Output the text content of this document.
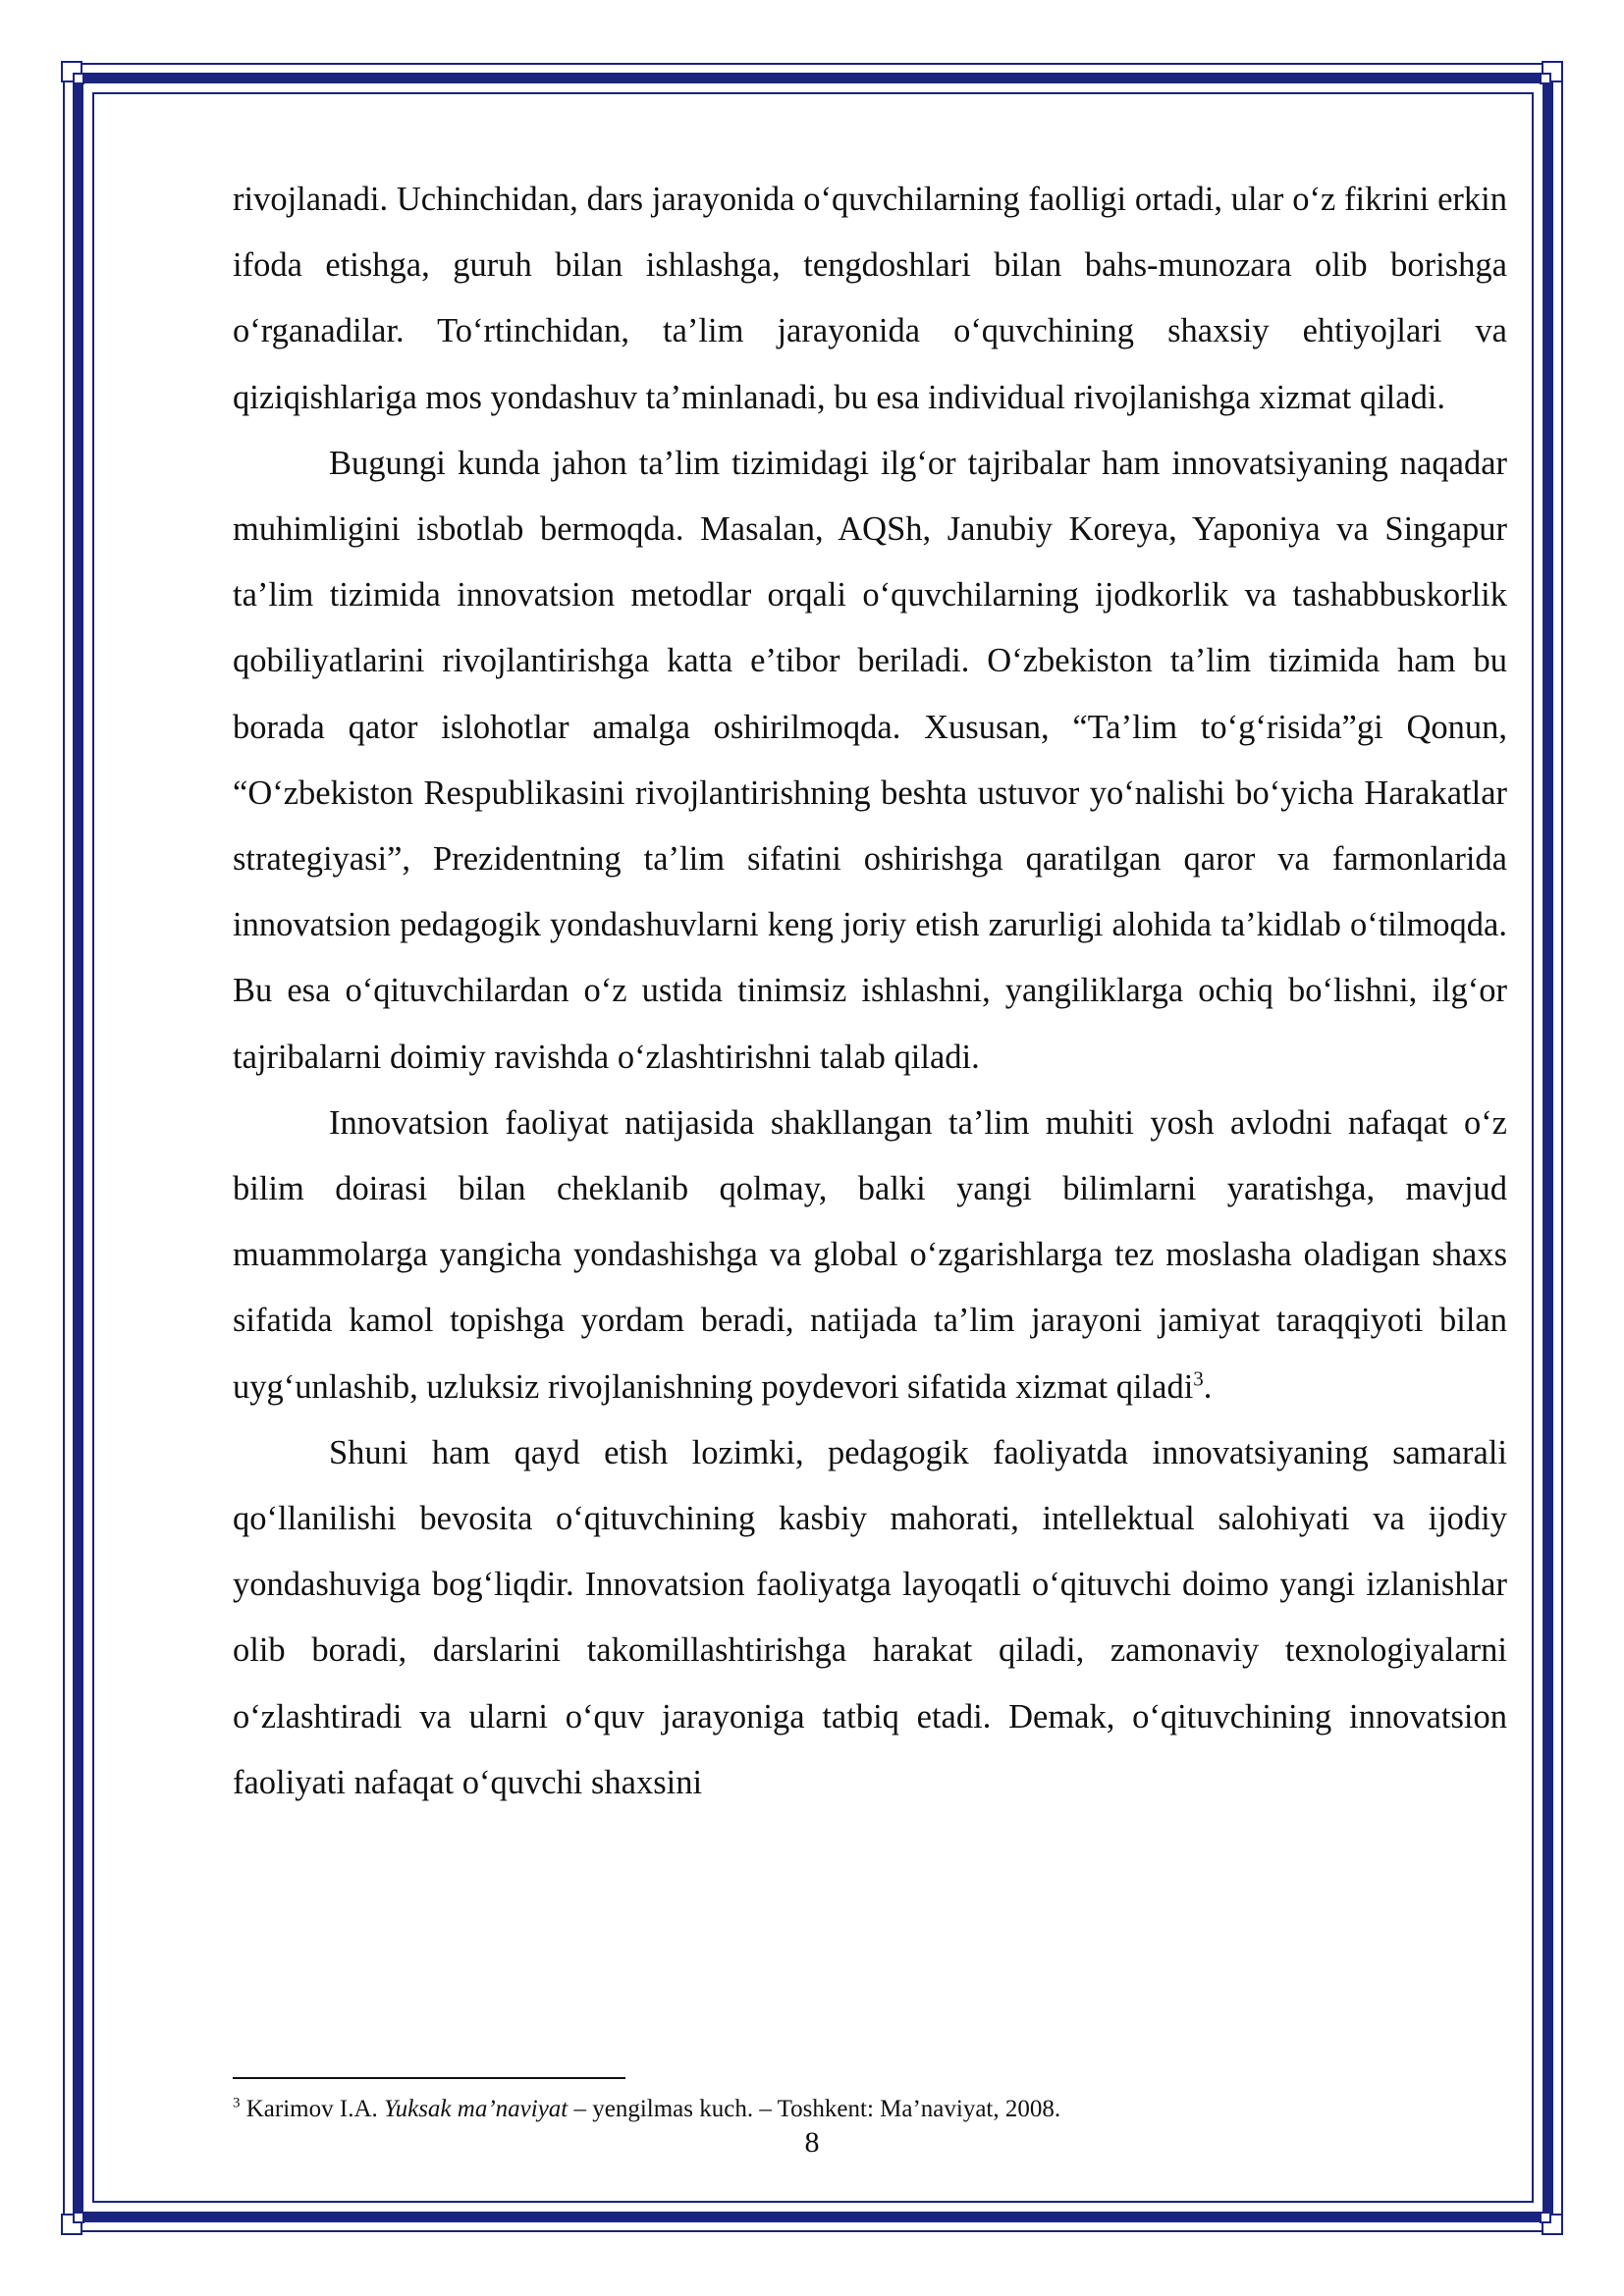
rivojlanadi. Uchinchidan, dars jarayonida o‘quvchilarning faolligi ortadi, ular o‘z fikrini erkin ifoda etishga, guruh bilan ishlashga, tengdoshlari bilan bahs-munozara olib borishga o‘rganadilar. To‘rtinchidan, ta’lim jarayonida o‘quvchining shaxsiy ehtiyojlari va qiziqishlariga mos yondashuv ta’minlanadi, bu esa individual rivojlanishga xizmat qiladi.

Bugungi kunda jahon ta’lim tizimidagi ilg‘or tajribalar ham innovatsiyaning naqadar muhimligini isbotlab bermoqda. Masalan, AQSh, Janubiy Koreya, Yaponiya va Singapur ta’lim tizimida innovatsion metodlar orqali o‘quvchilarning ijodkorlik va tashabbuskorlik qobiliyatlarini rivojlantirishga katta e’tibor beriladi. O‘zbekiston ta’lim tizimida ham bu borada qator islohotlar amalga oshirilmoqda. Xususan, “Ta’lim to‘g‘risida”gi Qonun, “O‘zbekiston Respublikasini rivojlantirishning beshta ustuvor yo‘nalishi bo‘yicha Harakatlar strategiyasi”, Prezidentning ta’lim sifatini oshirishga qaratilgan qaror va farmonlarida innovatsion pedagogik yondashuvlarni keng joriy etish zarurligi alohida ta’kidlab o‘tilmoqda. Bu esa o‘qituvchilardan o‘z ustida tinimsiz ishlashni, yangiliklarga ochiq bo‘lishni, ilg‘or tajribalarni doimiy ravishda o‘zlashtirishni talab qiladi.

Innovatsion faoliyat natijasida shakllangan ta’lim muhiti yosh avlodni nafaqat o‘z bilim doirasi bilan cheklanib qolmay, balki yangi bilimlarni yaratishga, mavjud muammolarga yangicha yondashishga va global o‘zgarishlarga tez moslasha oladigan shaxs sifatida kamol topishga yordam beradi, natijada ta’lim jarayoni jamiyat taraqqiyoti bilan uyg‘unlashib, uzluksiz rivojlanishning poydevori sifatida xizmat qiladi$^3$.

Shuni ham qayd etish lozimki, pedagogik faoliyatda innovatsiyaning samarali qo‘llanilishi bevosita o‘qituvchining kasbiy mahorati, intellektual salohiyati va ijodiy yondashuviga bog‘liqdir. Innovatsion faoliyatga layoqatli o‘qituvchi doimo yangi izlanishlar olib boradi, darslarini takomillashtirishga harakat qiladi, zamonaviy texnologiyalarni o‘zlashtiradi va ularni o‘quv jarayoniga tatbiq etadi. Demak, o‘qituvchining innovatsion faoliyati nafaqat o‘quvchi shaxsini

$^3$ Karimov I.A. Yuksak ma’naviyat – yengilmas kuch. – Toshkent: Ma’naviyat, 2008.
8
